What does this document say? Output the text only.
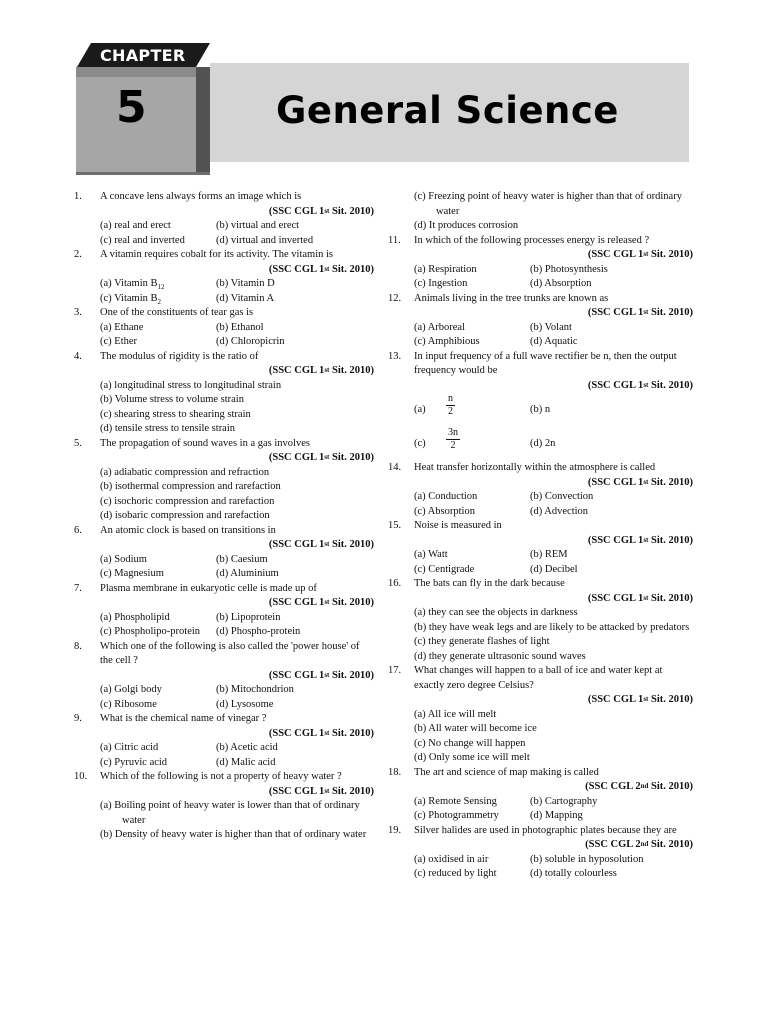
General Science
CHAPTER
5
1.	A concave lens always forms an image which is
(SSC CGL 1st Sit. 2010)
(a) real and erect	(b) virtual and erect
(c) real and inverted	(d) virtual and inverted
2.	A vitamin requires cobalt for its activity. The vitamin is
(SSC CGL 1st Sit. 2010)
(a) Vitamin $B_{12}$	(b) Vitamin D
(c) Vitamin $B_2$	(d) Vitamin A
3.	One of the constituents of tear gas is
(a) Ethane	(b) Ethanol
(c) Ether	(d) Chloropicrin
4.	The modulus of rigidity is the ratio of
(SSC CGL 1st Sit. 2010)
(a) longitudinal stress to longitudinal strain
(b) Volume stress to volume strain
(c) shearing stress to shearing strain
(d) tensile stress to tensile strain
5.	The propagation of sound waves in a gas involves
(SSC CGL 1st Sit. 2010)
(a) adiabatic compression and refraction
(b) isothermal compression and rarefaction
(c) isochoric compression and rarefaction
(d) isobaric compression and rarefaction
6.	An atomic clock is based on transitions in
(SSC CGL 1st Sit. 2010)
(a) Sodium	(b) Caesium
(c) Magnesium	(d) Aluminium
7.	Plasma membrane in eukaryotic celle is made up of
(SSC CGL 1st Sit. 2010)
(a) Phospholipid	(b) Lipoprotein
(c) Phospholipo-protein (d) Phospho-protein
8.	Which one of the following is also called the 'power house' of the cell ?
(SSC CGL 1st Sit. 2010)
(a) Golgi body	(b) Mitochondrion
(c) Ribosome	(d) Lysosome
9.	What is the chemical name of vinegar ?
(SSC CGL 1st Sit. 2010)
(a) Citric acid	(b) Acetic acid
(c) Pyruvic acid	(d) Malic acid
10.	Which of the following is not a property of heavy water ?
(SSC CGL 1st Sit. 2010)
(a) Boiling point of heavy water is lower than that of ordinary water
(b) Density of heavy water is higher than that of ordinary water
(c) Freezing point of heavy water is higher than that of ordinary water
(d) It produces corrosion
11.	In which of the following processes energy is released ?
(SSC CGL 1st Sit. 2010)
(a) Respiration	(b) Photosynthesis
(c) Ingestion	(d) Absorption
12.	Animals living in the tree trunks are known as
(SSC CGL 1st Sit. 2010)
(a) Arboreal	(b) Volant
(c) Amphibious	(d) Aquatic
13.	In input frequency of a full wave rectifier be n, then the output frequency would be
(SSC CGL 1st Sit. 2010)
$(a) \frac{n}{2}$	(b) n
$(c) \frac{3n}{2}$	(d) 2n
14.	Heat transfer horizontally within the atmosphere is called
(SSC CGL 1st Sit. 2010)
(a) Conduction	(b) Convection
(c) Absorption	(d) Advection
15.	Noise is measured in
(SSC CGL 1st Sit. 2010)
(a) Watt	(b) REM
(c) Centigrade	(d) Decibel
16.	The bats can fly in the dark because
(SSC CGL 1st Sit. 2010)
(a) they can see the objects in darkness
(b) they have weak legs and are likely to be attacked by predators
(c) they generate flashes of light
(d) they generate ultrasonic sound waves
17.	What changes will happen to a ball of ice and water kept at exactly zero degree Celsius?
(SSC CGL 1st Sit. 2010)
(a) All ice will melt
(b) All water will become ice
(c) No change will happen
(d) Only some ice will melt
18.	The art and science of map making is called
(SSC CGL 2nd Sit. 2010)
(a) Remote Sensing	(b) Cartography
(c) Photogrammetry	(d) Mapping
19.	Silver halides are used in photographic plates because they are
(SSC CGL 2nd Sit. 2010)
(a) oxidised in air	(b) soluble in hyposolution
(c) reduced by light	(d) totally colourless
